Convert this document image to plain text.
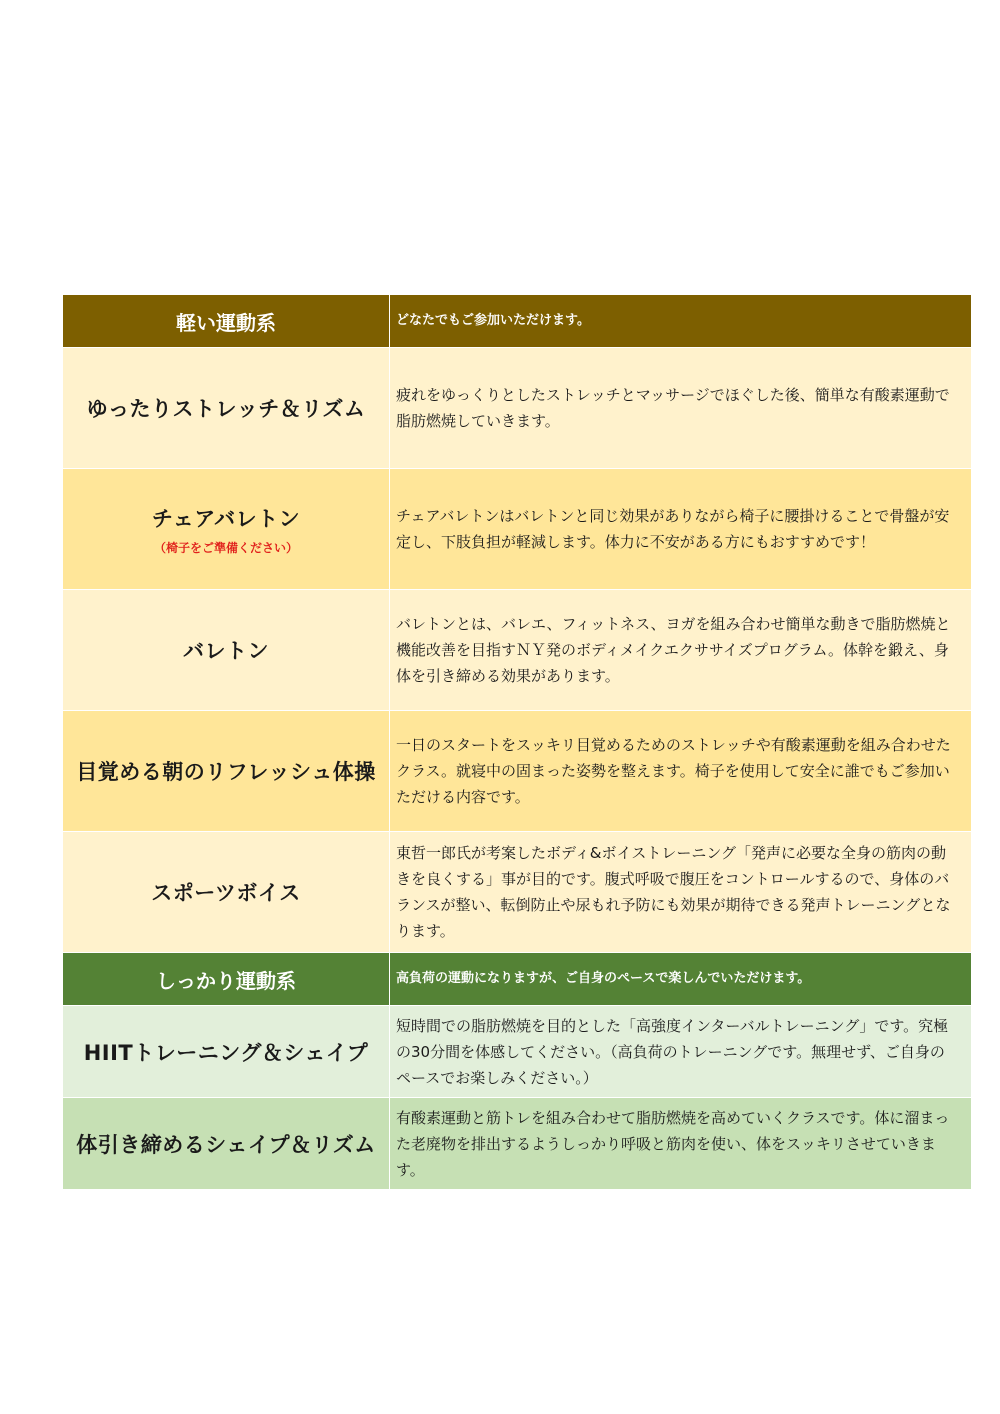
軽い運動系	どなたでもご参加いただけます。
ゆったりストレッチ＆リズム
疲れをゆっくりとしたストレッチとマッサージでほぐした後、簡単な有酸素運動で脂肪燃焼していきます。
チェアバレトン
（椅子をご準備ください）
チェアバレトンはバレトンと同じ効果がありながら椅子に腰掛けることで骨盤が安定し、下肢負担が軽減します。体力に不安がある方にもおすすめです！
バレトン
バレトンとは、バレエ、フィットネス、ヨガを組み合わせ簡単な動きで脂肪燃焼と機能改善を目指すＮＹ発のボディメイクエクササイズプログラム。体幹を鍛え、身体を引き締める効果があります。
目覚める朝のリフレッシュ体操
一日のスタートをスッキリ目覚めるためのストレッチや有酸素運動を組み合わせたクラス。就寝中の固まった姿勢を整えます。椅子を使用して安全に誰でもご参加いただける内容です。
スポーツボイス
東哲一郎氏が考案したボディ&ボイストレーニング「発声に必要な全身の筋肉の動きを良くする」事が目的です。腹式呼吸で腹圧をコントロールするので、身体のバランスが整い、転倒防止や尿もれ予防にも効果が期待できる発声トレーニングとなります。
しっかり運動系	高負荷の運動になりますが、ご自身のペースで楽しんでいただけます。
HIITトレーニング＆シェイプ
短時間での脂肪燃焼を目的とした「高強度インターバルトレーニング」です。究極の30分間を体感してください。（高負荷のトレーニングです。無理せず、ご自身のペースでお楽しみください。）
体引き締めるシェイプ＆リズム
有酸素運動と筋トレを組み合わせて脂肪燃焼を高めていくクラスです。体に溜まった老廃物を排出するようしっかり呼吸と筋肉を使い、体をスッキリさせていきます。
